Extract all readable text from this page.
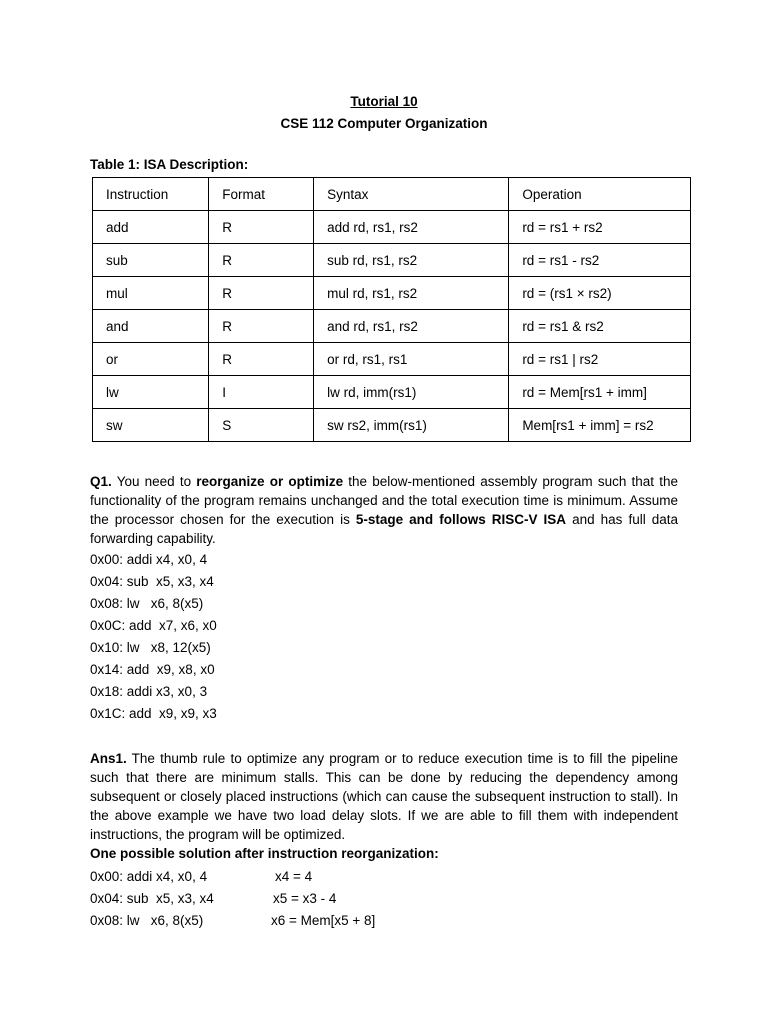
Tutorial 10
CSE 112 Computer Organization
Table 1: ISA Description:
Instruction	Format	Syntax	Operation
add	R	add rd, rs1, rs2	rd = rs1 + rs2
sub	R	sub rd, rs1, rs2	rd = rs1 - rs2
mul	R	mul rd, rs1, rs2	rd = (rs1 × rs2)
and	R	and rd, rs1, rs2	rd = rs1 & rs2
or	R	or rd, rs1, rs1	rd = rs1 | rs2
lw	I	lw rd, imm(rs1)	rd = Mem[rs1 + imm]
sw	S	sw rs2, imm(rs1)	Mem[rs1 + imm] = rs2
Q1. You need to reorganize or optimize the below-mentioned assembly program such that the functionality of the program remains unchanged and the total execution time is minimum. Assume the processor chosen for the execution is 5-stage and follows RISC-V ISA and has full data forwarding capability.
0x00: addi x4, x0, 4
0x04: sub  x5, x3, x4
0x08: lw   x6, 8(x5)
0x0C: add  x7, x6, x0
0x10: lw   x8, 12(x5)
0x14: add  x9, x8, x0
0x18: addi x3, x0, 3
0x1C: add  x9, x9, x3
Ans1. The thumb rule to optimize any program or to reduce execution time is to fill the pipeline such that there are minimum stalls. This can be done by reducing the dependency among subsequent or closely placed instructions (which can cause the subsequent instruction to stall). In the above example we have two load delay slots. If we are able to fill them with independent instructions, the program will be optimized.
One possible solution after instruction reorganization:
0x00: addi x4, x0, 4	x4 = 4
0x04: sub  x5, x3, x4	x5 = x3 - 4
0x08: lw   x6, 8(x5)	x6 = Mem[x5 + 8]
